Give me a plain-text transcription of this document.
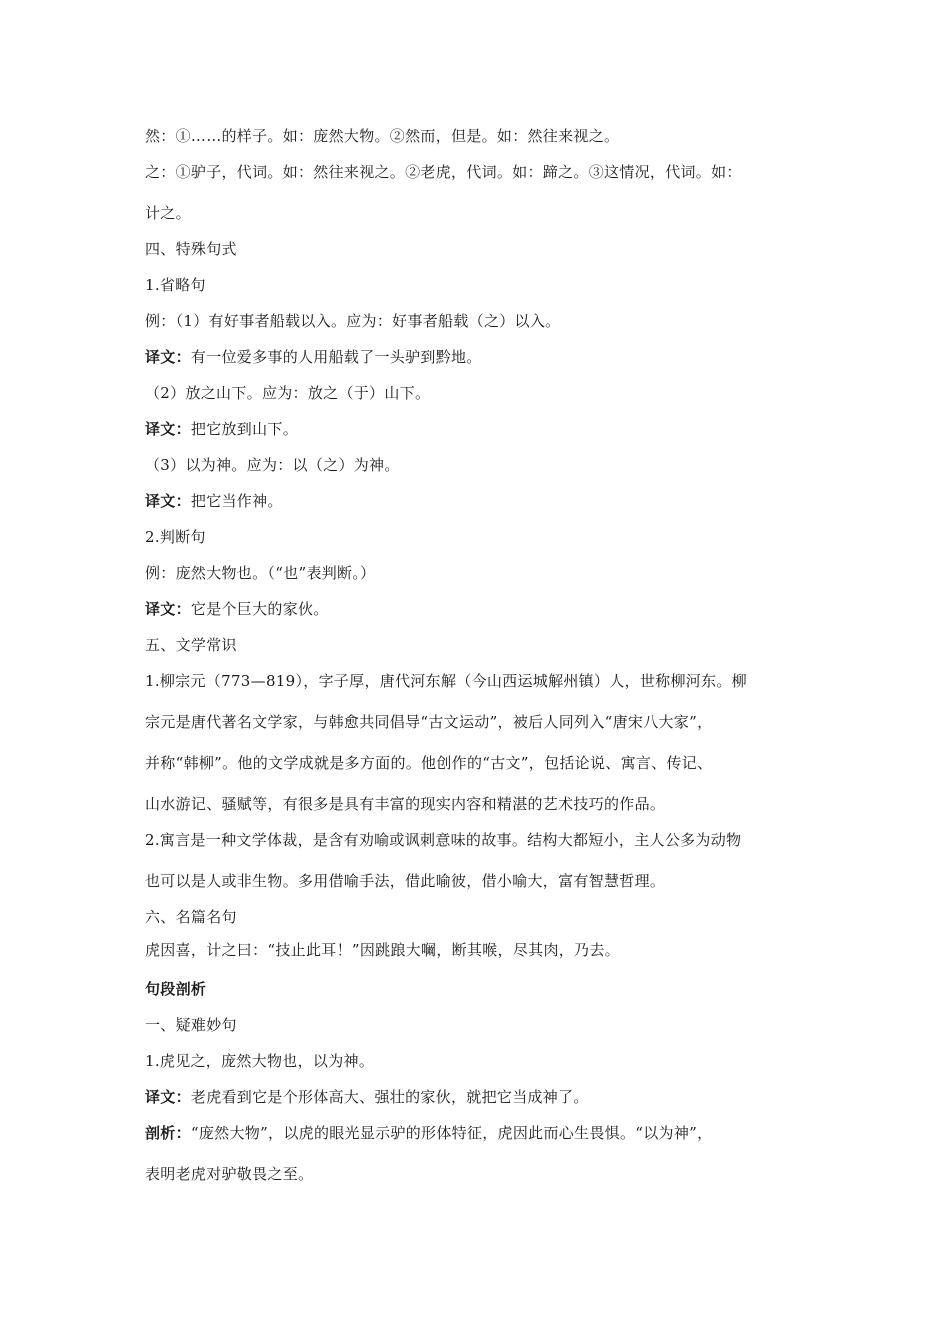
然：①……的样子。如：庞然大物。②然而，但是。如：然往来视之。
之：①驴子，代词。如：然往来视之。②老虎，代词。如：蹄之。③这情况，代词。如：
计之。
四、特殊句式
1.省略句
例：（1）有好事者船载以入。应为：好事者船载（之）以入。
译文：有一位爱多事的人用船载了一头驴到黔地。
（2）放之山下。应为：放之（于）山下。
译文：把它放到山下。
（3）以为神。应为：以（之）为神。
译文：把它当作神。
2.判断句
例：庞然大物也。（“也”表判断。）
译文：它是个巨大的家伙。
五、文学常识
1.柳宗元（773—819），字子厚，唐代河东解（今山西运城解州镇）人，世称柳河东。柳
宗元是唐代著名文学家，与韩愈共同倡导“古文运动”，被后人同列入“唐宋八大家”，
并称“韩柳”。他的文学成就是多方面的。他创作的“古文”，包括论说、寓言、传记、
山水游记、骚赋等，有很多是具有丰富的现实内容和精湛的艺术技巧的作品。
2.寓言是一种文学体裁，是含有劝喻或讽刺意味的故事。结构大都短小，主人公多为动物
也可以是人或非生物。多用借喻手法，借此喻彼，借小喻大，富有智慧哲理。
六、名篇名句
虎因喜，计之曰：“技止此耳！”因跳踉大㘎，断其喉，尽其肉，乃去。
句段剖析
一、疑难妙句
1.虎见之，庞然大物也，以为神。
译文：老虎看到它是个形体高大、强壮的家伙，就把它当成神了。
剖析：“庞然大物”，以虎的眼光显示驴的形体特征，虎因此而心生畏惧。“以为神”，
表明老虎对驴敬畏之至。
